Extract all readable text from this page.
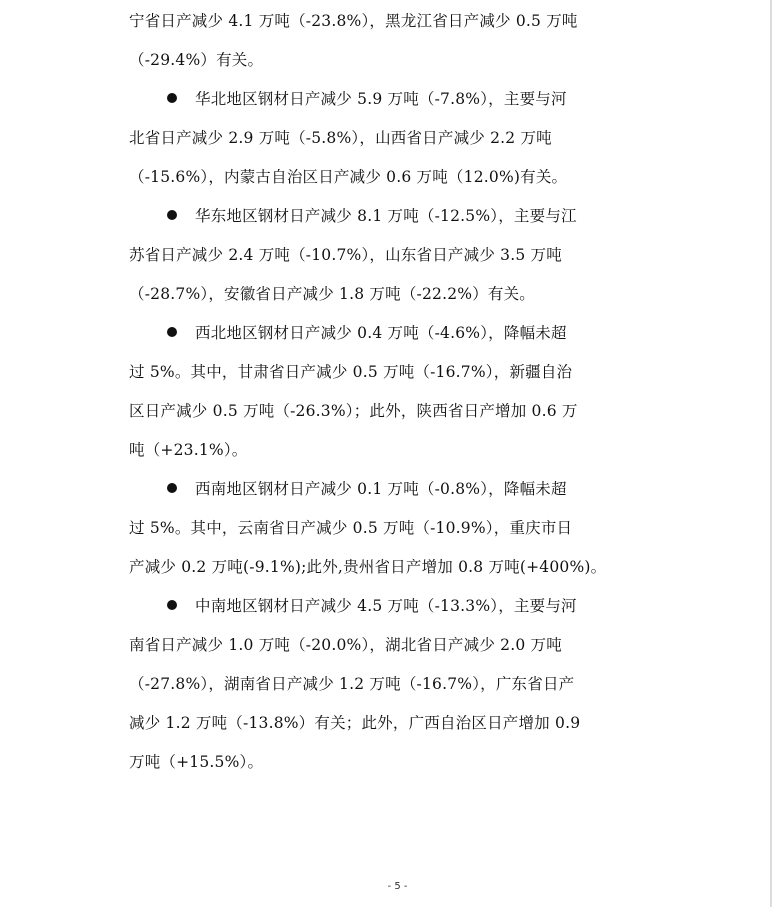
宁省日产减少 4.1 万吨（-23.8%），黑龙江省日产减少 0.5 万吨
（-29.4%）有关。
华北地区钢材日产减少 5.9 万吨（-7.8%），主要与河
北省日产减少 2.9 万吨（-5.8%），山西省日产减少 2.2 万吨
（-15.6%），内蒙古自治区日产减少 0.6 万吨（12.0%)有关。
华东地区钢材日产减少 8.1 万吨（-12.5%），主要与江
苏省日产减少 2.4 万吨（-10.7%），山东省日产减少 3.5 万吨
（-28.7%），安徽省日产减少 1.8 万吨（-22.2%）有关。
西北地区钢材日产减少 0.4 万吨（-4.6%），降幅未超
过 5%。其中，甘肃省日产减少 0.5 万吨（-16.7%），新疆自治
区日产减少 0.5 万吨（-26.3%）；此外，陕西省日产增加 0.6 万
吨（+23.1%）。
西南地区钢材日产减少 0.1 万吨（-0.8%），降幅未超
过 5%。其中，云南省日产减少 0.5 万吨（-10.9%），重庆市日
产减少 0.2 万吨(-9.1%);此外,贵州省日产增加 0.8 万吨(+400%)。
中南地区钢材日产减少 4.5 万吨（-13.3%），主要与河
南省日产减少 1.0 万吨（-20.0%），湖北省日产减少 2.0 万吨
（-27.8%），湖南省日产减少 1.2 万吨（-16.7%），广东省日产
减少 1.2 万吨（-13.8%）有关；此外，广西自治区日产增加 0.9
万吨（+15.5%）。
- 5 -
